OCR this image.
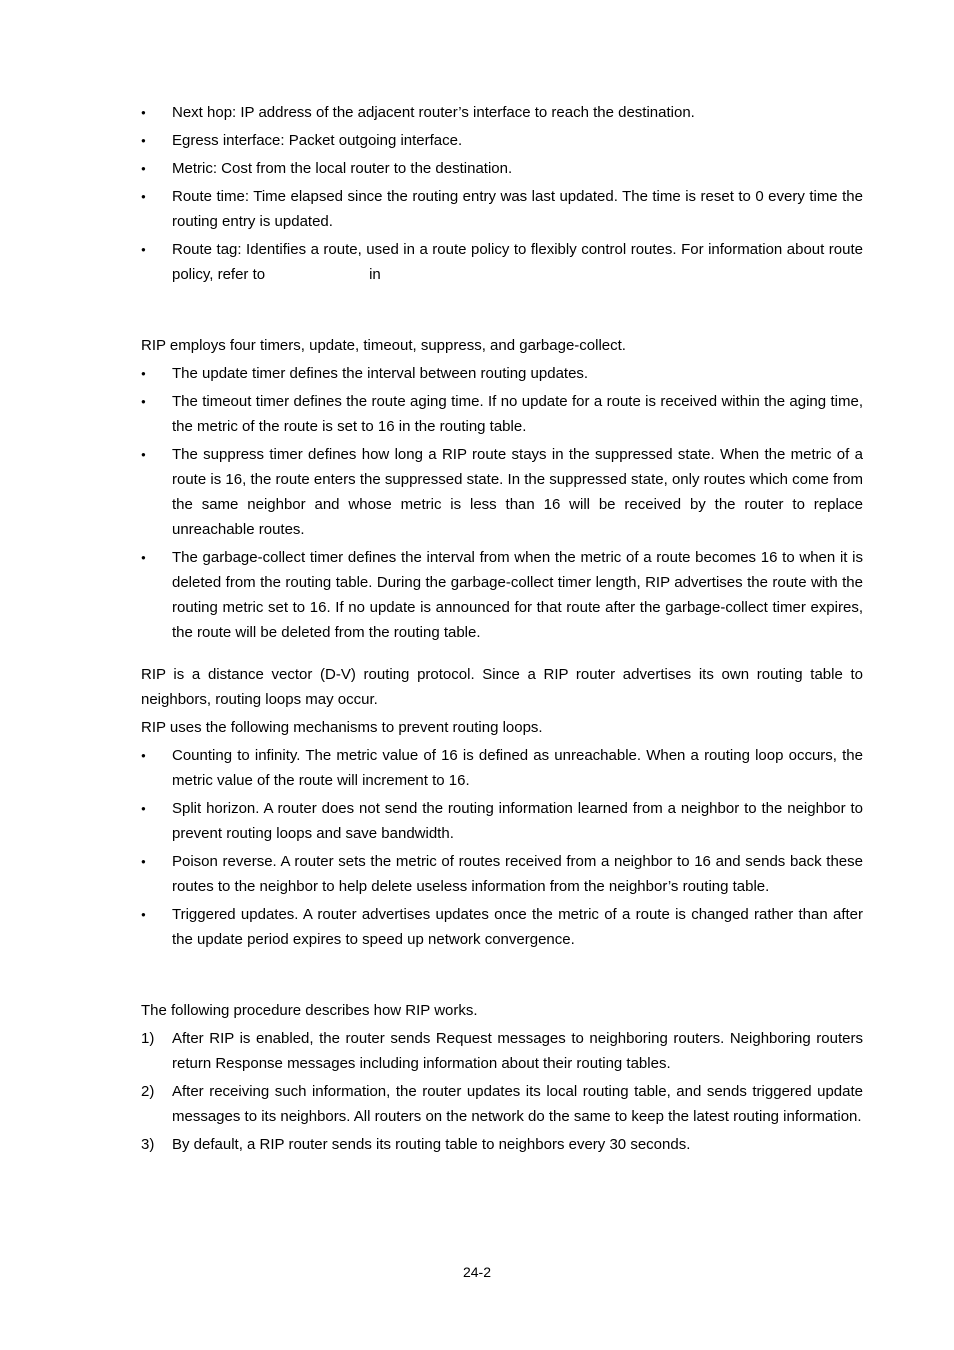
● Next hop: IP address of the adjacent router’s interface to reach the destination.
● Egress interface: Packet outgoing interface.
● Metric: Cost from the local router to the destination.
● Route time: Time elapsed since the routing entry was last updated. The time is reset to 0 every time the routing entry is updated.
● Route tag: Identifies a route, used in a route policy to flexibly control routes. For information about route policy, refer to	in

RIP employs four timers, update, timeout, suppress, and garbage-collect.

● The update timer defines the interval between routing updates.
● The timeout timer defines the route aging time. If no update for a route is received within the aging time, the metric of the route is set to 16 in the routing table.
● The suppress timer defines how long a RIP route stays in the suppressed state. When the metric of a route is 16, the route enters the suppressed state. In the suppressed state, only routes which come from the same neighbor and whose metric is less than 16 will be received by the router to replace unreachable routes.
● The garbage-collect timer defines the interval from when the metric of a route becomes 16 to when it is deleted from the routing table. During the garbage-collect timer length, RIP advertises the route with the routing metric set to 16. If no update is announced for that route after the garbage-collect timer expires, the route will be deleted from the routing table.

RIP is a distance vector (D-V) routing protocol. Since a RIP router advertises its own routing table to neighbors, routing loops may occur.

RIP uses the following mechanisms to prevent routing loops.

● Counting to infinity. The metric value of 16 is defined as unreachable. When a routing loop occurs, the metric value of the route will increment to 16.
● Split horizon. A router does not send the routing information learned from a neighbor to the neighbor to prevent routing loops and save bandwidth.
● Poison reverse. A router sets the metric of routes received from a neighbor to 16 and sends back these routes to the neighbor to help delete useless information from the neighbor’s routing table.
● Triggered updates. A router advertises updates once the metric of a route is changed rather than after the update period expires to speed up network convergence.

The following procedure describes how RIP works.

1) After RIP is enabled, the router sends Request messages to neighboring routers. Neighboring routers return Response messages including information about their routing tables.
2) After receiving such information, the router updates its local routing table, and sends triggered update messages to its neighbors. All routers on the network do the same to keep the latest routing information.
3) By default, a RIP router sends its routing table to neighbors every 30 seconds.
24-2
